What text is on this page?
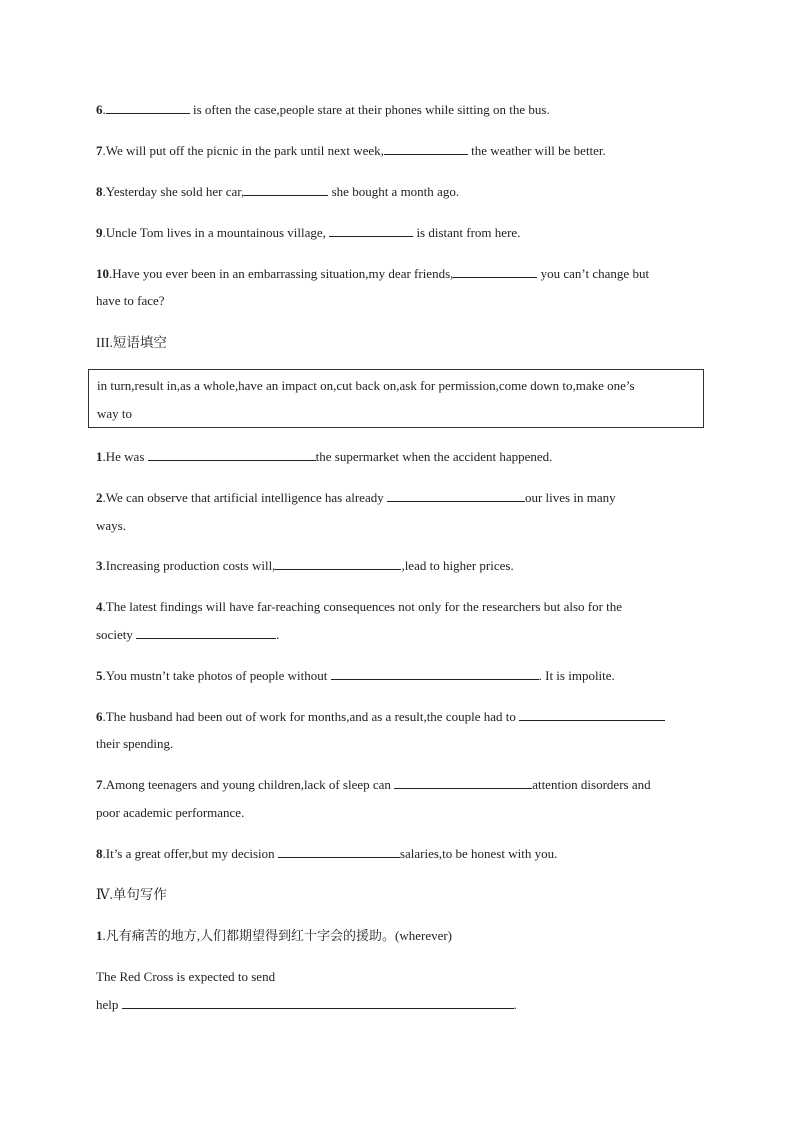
6.	is often the case,people stare at their phones while sitting on the bus.
7.We will put off the picnic in the park until next week,	the weather will be better.
8.Yesterday she sold her car,	she bought a month ago.
9.Uncle Tom lives in a mountainous village,	is distant from here.
10.Have you ever been in an embarrassing situation,my dear friends,	you can’t change but
have to face?
III.短语填空
in turn,result in,as a whole,have an impact on,cut back on,ask for permission,come down to,make one’s
way to
1.He was	the supermarket when the accident happened.
2.We can observe that artificial intelligence has already	our lives in many
ways.
3.Increasing production costs will,	,lead to higher prices.
4.The latest findings will have far-reaching consequences not only for the researchers but also for the
society	.
5.You mustn’t take photos of people without	. It is impolite.
6.The husband had been out of work for months,and as a result,the couple had to
their spending.
7.Among teenagers and young children,lack of sleep can	attention disorders and
poor academic performance.
8.It’s a great offer,but my decision	salaries,to be honest with you.
Ⅳ.单句写作
1.凡有痛苦的地方,人们都期望得到红十字会的援助。(wherever)
The Red Cross is expected to send
help	.
